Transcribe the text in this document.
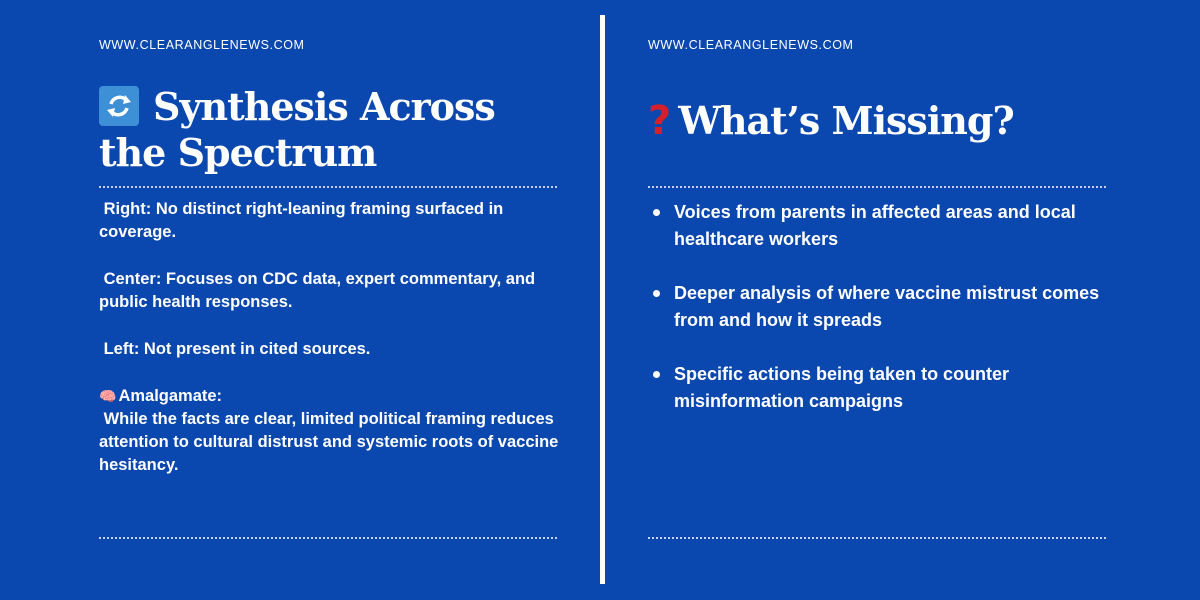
WWW.CLEARANGLENEWS.COM
Synthesis Across the Spectrum

Right: No distinct right-leaning framing surfaced in coverage.

Center: Focuses on CDC data, expert commentary, and public health responses.

Left: Not present in cited sources.

🧠 Amalgamate:

While the facts are clear, limited political framing reduces attention to cultural distrust and systemic roots of vaccine hesitancy.

WWW.CLEARANGLENEWS.COM
? What’s Missing?
Voices from parents in affected areas and local healthcare workers
Deeper analysis of where vaccine mistrust comes from and how it spreads
Specific actions being taken to counter misinformation campaigns
